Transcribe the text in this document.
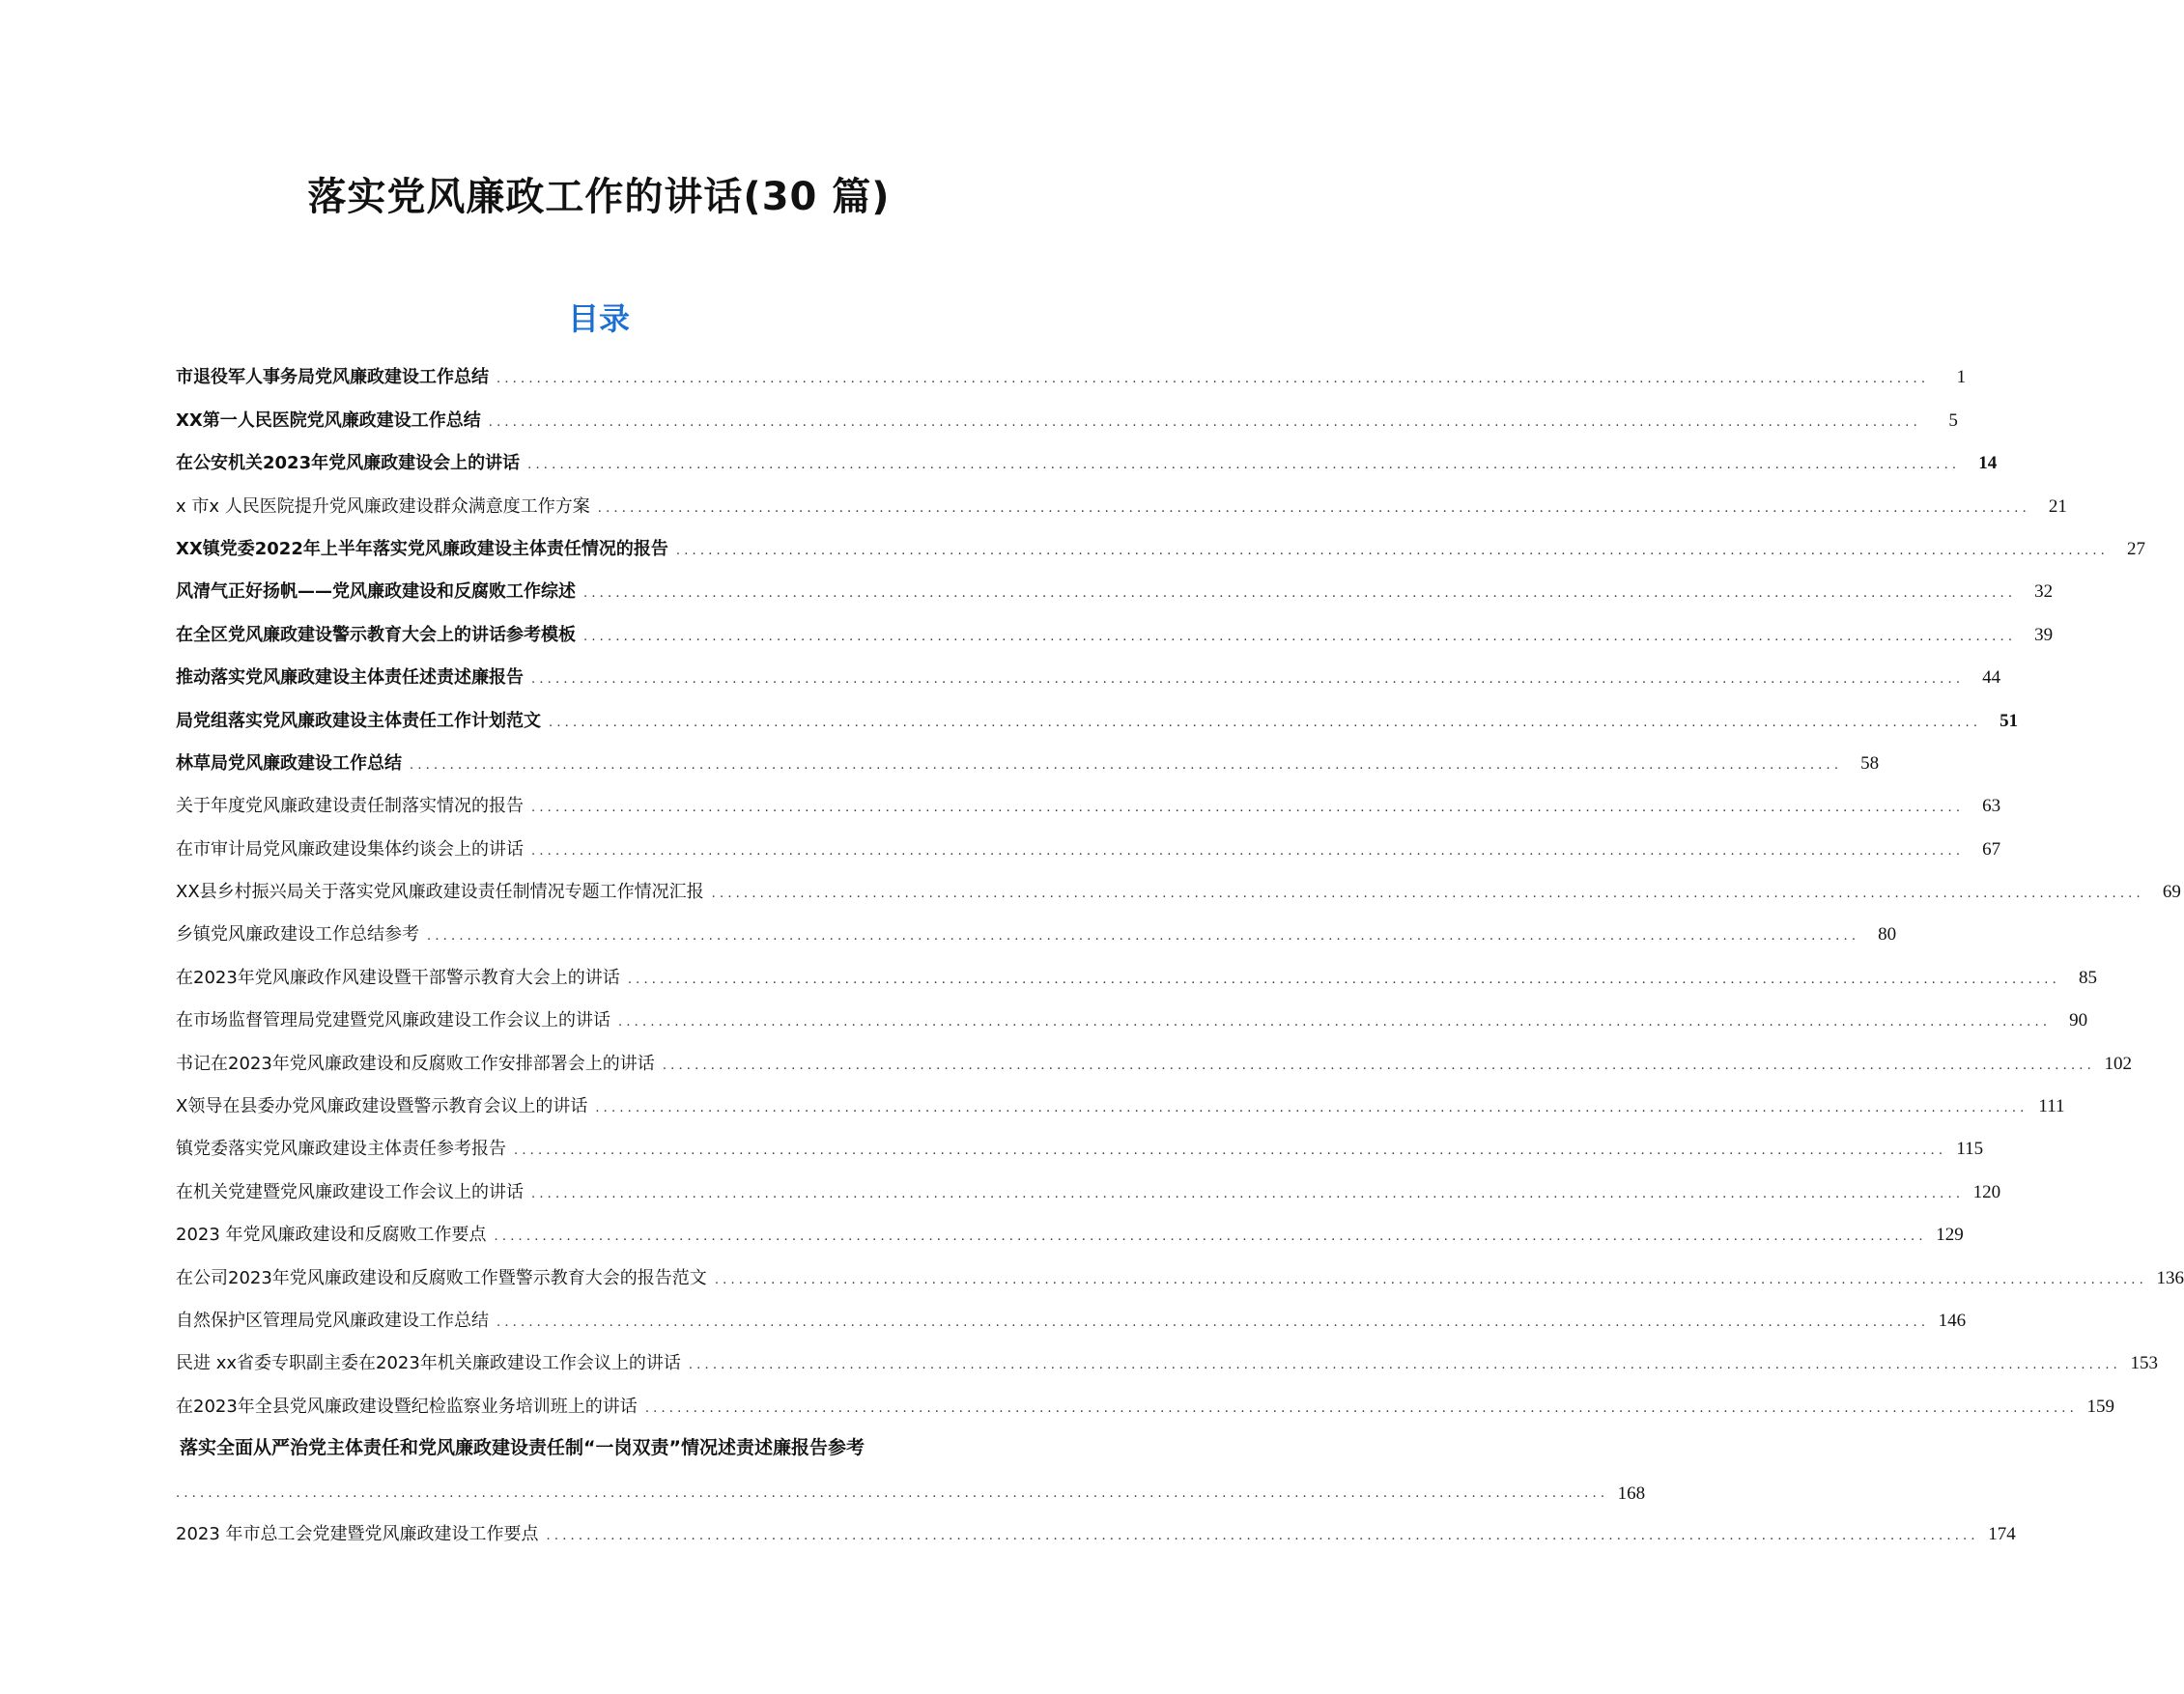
落实党风廉政工作的讲话(30 篇)
目录
市退役军人事务局党风廉政建设工作总结 ..................................................................................................................................................................................	1
XX第一人民医院党风廉政建设工作总结 ..................................................................................................................................................................................	5
在公安机关2023年党风廉政建设会上的讲话 ..................................................................................................................................................................................	14
x 市x 人民医院提升党风廉政建设群众满意度工作方案 ..................................................................................................................................................................................	21
XX镇党委2022年上半年落实党风廉政建设主体责任情况的报告 ..................................................................................................................................................................................	27
风清气正好扬帆——党风廉政建设和反腐败工作综述 ..................................................................................................................................................................................	32
在全区党风廉政建设警示教育大会上的讲话参考模板 ..................................................................................................................................................................................	39
推动落实党风廉政建设主体责任述责述廉报告 ..................................................................................................................................................................................	44
局党组落实党风廉政建设主体责任工作计划范文 ..................................................................................................................................................................................	51
林草局党风廉政建设工作总结 ..................................................................................................................................................................................	58
关于年度党风廉政建设责任制落实情况的报告 ..................................................................................................................................................................................	63
在市审计局党风廉政建设集体约谈会上的讲话 ..................................................................................................................................................................................	67
XX县乡村振兴局关于落实党风廉政建设责任制情况专题工作情况汇报 ..................................................................................................................................................................................	69
乡镇党风廉政建设工作总结参考 ..................................................................................................................................................................................	80
在2023年党风廉政作风建设暨干部警示教育大会上的讲话 ..................................................................................................................................................................................	85
在市场监督管理局党建暨党风廉政建设工作会议上的讲话 ..................................................................................................................................................................................	90
书记在2023年党风廉政建设和反腐败工作安排部署会上的讲话 .................................................................................................................................................................................. 102
X领导在县委办党风廉政建设暨警示教育会议上的讲话 .................................................................................................................................................................................. 111
镇党委落实党风廉政建设主体责任参考报告 .................................................................................................................................................................................. 115
在机关党建暨党风廉政建设工作会议上的讲话 .................................................................................................................................................................................. 120
2023 年党风廉政建设和反腐败工作要点 .................................................................................................................................................................................. 129
在公司2023年党风廉政建设和反腐败工作暨警示教育大会的报告范文 .................................................................................................................................................................................. 136
自然保护区管理局党风廉政建设工作总结 .................................................................................................................................................................................. 146
民进 xx省委专职副主委在2023年机关廉政建设工作会议上的讲话 .................................................................................................................................................................................. 153
在2023年全县党风廉政建设暨纪检监察业务培训班上的讲话 .................................................................................................................................................................................. 159
落实全面从严治党主体责任和党风廉政建设责任制“一岗双责”情况述责述廉报告参考
.................................................................................................................................................................................. 168
2023 年市总工会党建暨党风廉政建设工作要点 .................................................................................................................................................................................. 174
